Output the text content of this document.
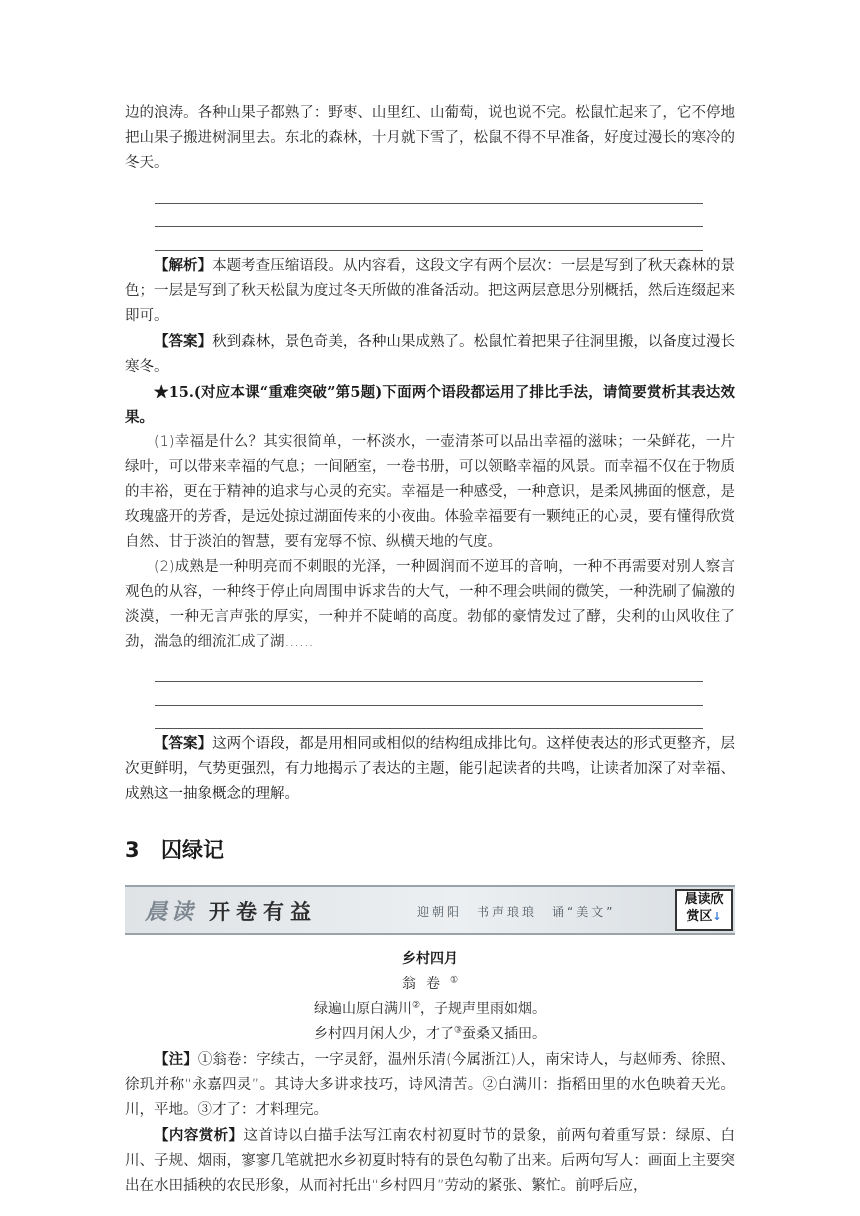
边的浪涛。各种山果子都熟了：野枣、山里红、山葡萄，说也说不完。松鼠忙起来了，它不停地把山果子搬进树洞里去。东北的森林，十月就下雪了，松鼠不得不早准备，好度过漫长的寒冷的冬天。

【解析】本题考查压缩语段。从内容看，这段文字有两个层次：一层是写到了秋天森林的景色；一层是写到了秋天松鼠为度过冬天所做的准备活动。把这两层意思分别概括，然后连缀起来即可。

【答案】秋到森林，景色奇美，各种山果成熟了。松鼠忙着把果子往洞里搬，以备度过漫长寒冬。

★15.(对应本课“重难突破”第5题)下面两个语段都运用了排比手法，请简要赏析其表达效果。

(1)幸福是什么？其实很简单，一杯淡水，一壶清茶可以品出幸福的滋味；一朵鲜花，一片绿叶，可以带来幸福的气息；一间陋室，一卷书册，可以领略幸福的风景。而幸福不仅在于物质的丰裕，更在于精神的追求与心灵的充实。幸福是一种感受，一种意识，是柔风拂面的惬意，是玫瑰盛开的芳香，是远处掠过湖面传来的小夜曲。体验幸福要有一颗纯正的心灵，要有懂得欣赏自然、甘于淡泊的智慧，要有宠辱不惊、纵横天地的气度。

(2)成熟是一种明亮而不刺眼的光泽，一种圆润而不逆耳的音响，一种不再需要对别人察言观色的从容，一种终于停止向周围申诉求告的大气，一种不理会哄闹的微笑，一种洗刷了偏激的淡漠，一种无言声张的厚实，一种并不陡峭的高度。勃郁的豪情发过了酵，尖利的山风收住了劲，湍急的细流汇成了湖……

【答案】这两个语段，都是用相同或相似的结构组成排比句。这样使表达的形式更整齐，层次更鲜明，气势更强烈，有力地揭示了表达的主题，能引起读者的共鸣，让读者加深了对幸福、成熟这一抽象概念的理解。

3 囚绿记
晨读 开卷有益	迎朝阳　书声琅琅　诵“美文”
晨读欣
赏区↓

乡村四月

翁卷①

绿遍山原白满川②，子规声里雨如烟。

乡村四月闲人少，才了③蚕桑又插田。

【注】①翁卷：字续古，一字灵舒，温州乐清(今属浙江)人，南宋诗人，与赵师秀、徐照、徐玑并称“永嘉四灵”。其诗大多讲求技巧，诗风清苦。②白满川：指稻田里的水色映着天光。川，平地。③才了：才料理完。

【内容赏析】这首诗以白描手法写江南农村初夏时节的景象，前两句着重写景：绿原、白川、子规、烟雨，寥寥几笔就把水乡初夏时特有的景色勾勒了出来。后两句写人：画面上主要突出在水田插秧的农民形象，从而衬托出“乡村四月”劳动的紧张、繁忙。前呼后应，
